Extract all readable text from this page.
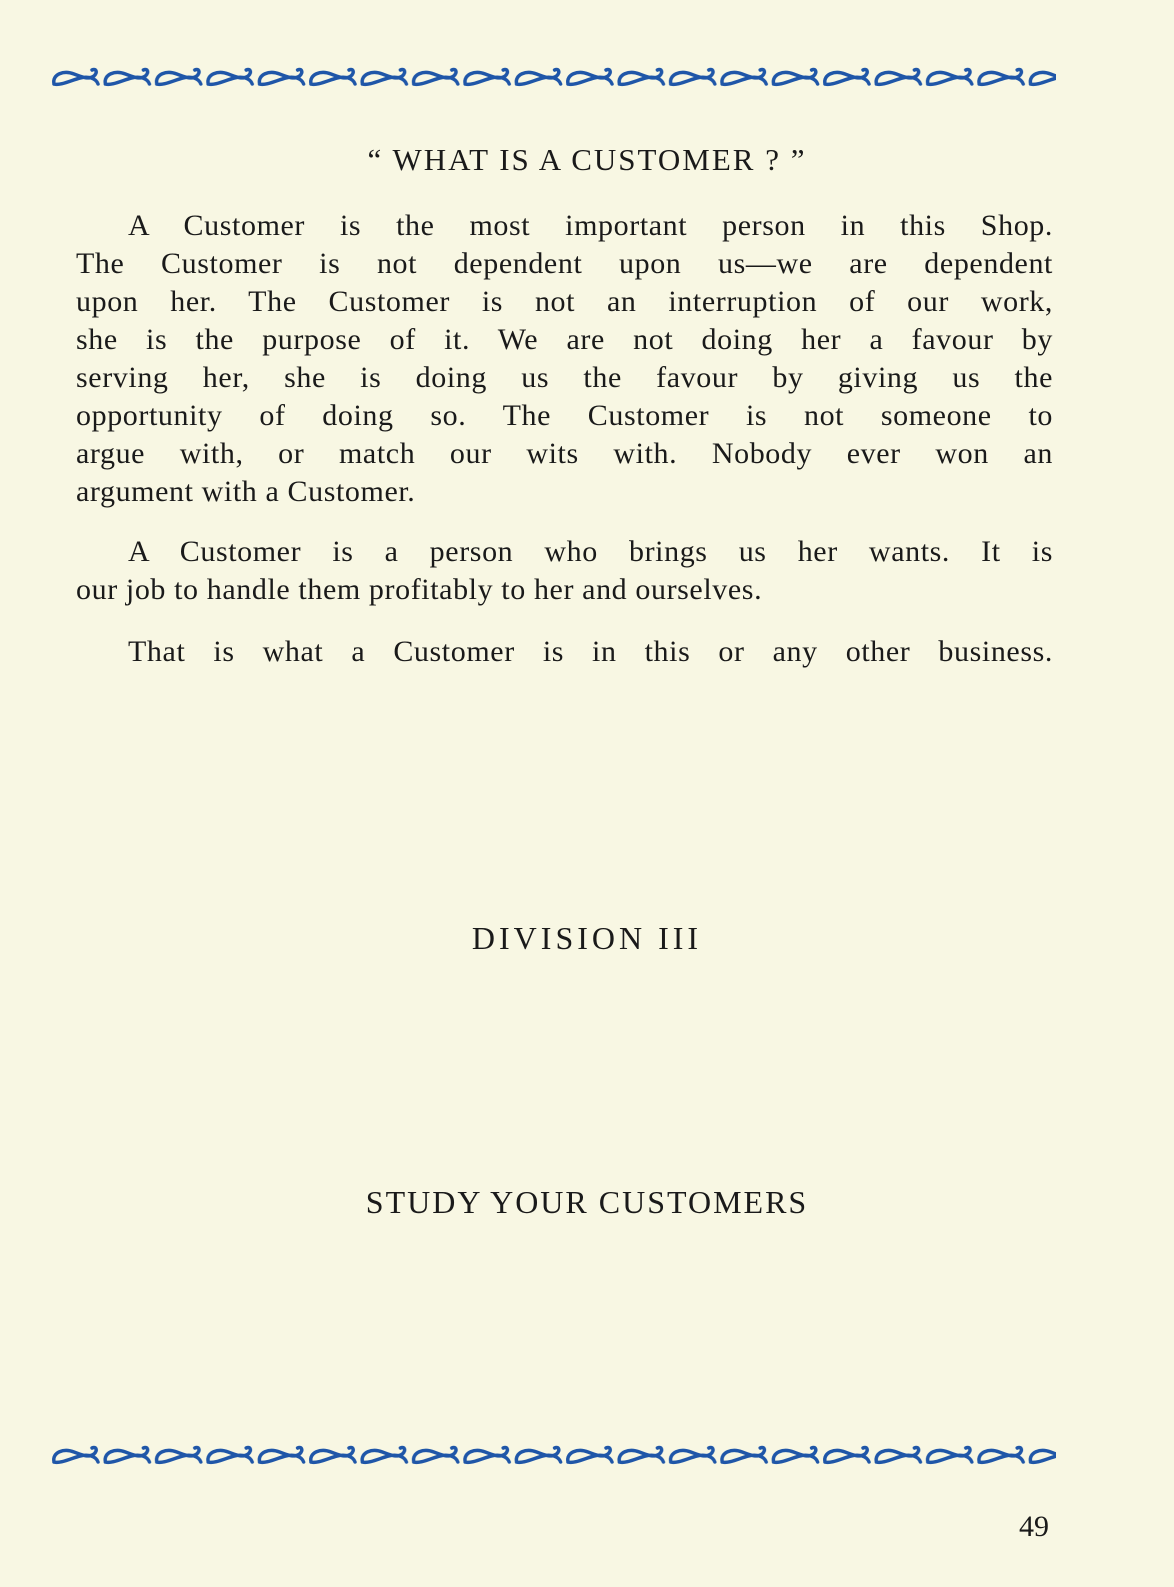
“ WHAT IS A CUSTOMER ? ”
A Customer is the most important person in this Shop.
The Customer is not dependent upon us—we are dependent
upon her. The Customer is not an interruption of our work,
she is the purpose of it. We are not doing her a favour by
serving her, she is doing us the favour by giving us the
opportunity of doing so. The Customer is not someone to
argue with, or match our wits with. Nobody ever won an
argument with a Customer.
A Customer is a person who brings us her wants. It is
our job to handle them profitably to her and ourselves.
That is what a Customer is in this or any other business.
DIVISION III
STUDY YOUR CUSTOMERS
49
